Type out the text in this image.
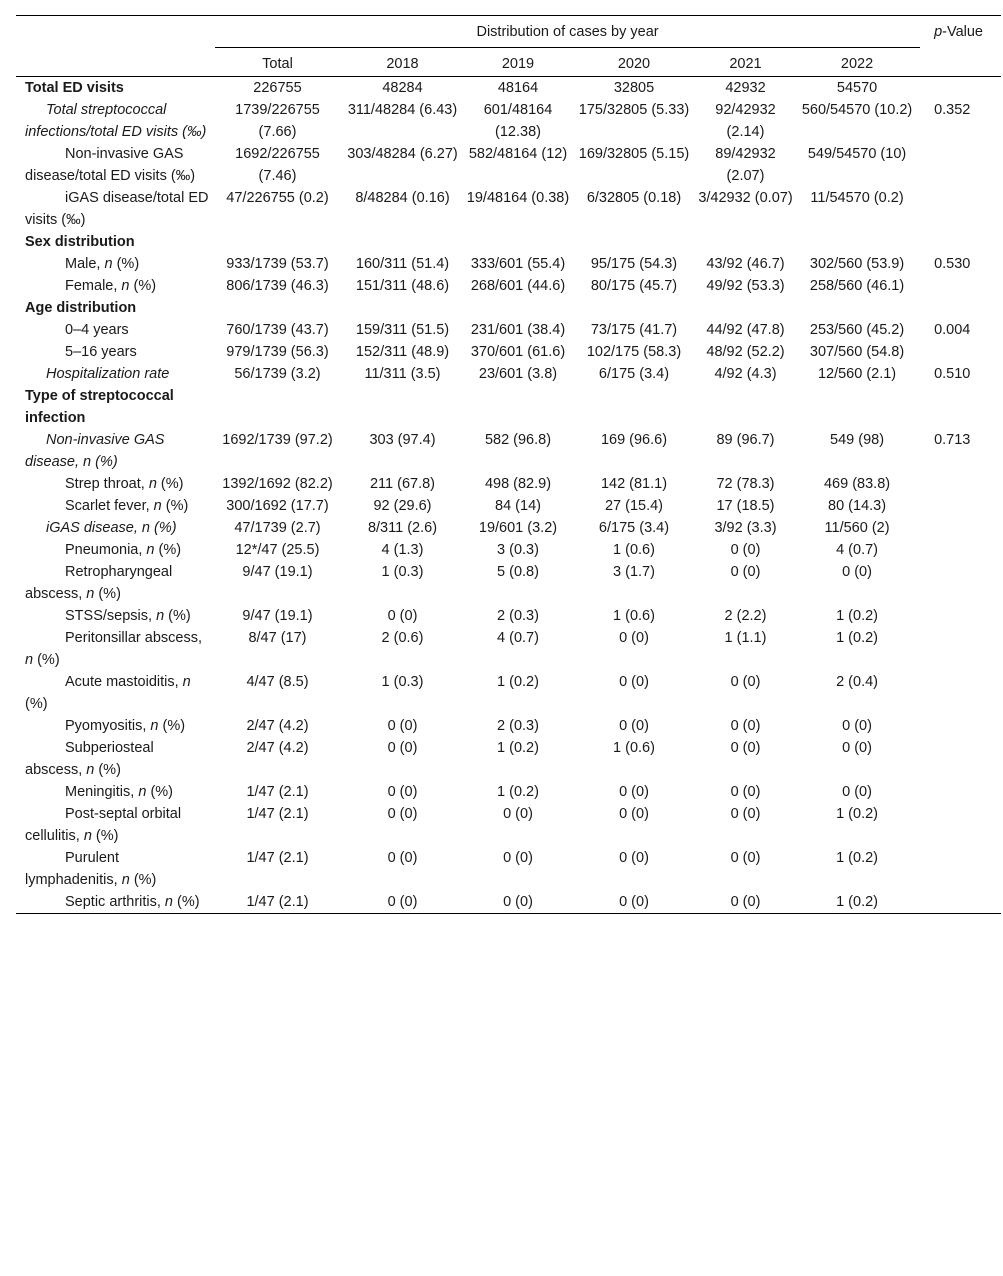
	Distribution of cases by year						p-Value
	Total	2018	2019	2020	2021	2022	
Total ED visits	226755	48284	48164	32805	42932	54570	
Total streptococcal infections/total ED visits (‰)	1739/226755 (7.66)	311/48284 (6.43)	601/48164 (12.38)	175/32805 (5.33)	92/42932 (2.14)	560/54570 (10.2)	0.352
Non-invasive GAS disease/total ED visits (‰)	1692/226755 (7.46)	303/48284 (6.27)	582/48164 (12)	169/32805 (5.15)	89/42932 (2.07)	549/54570 (10)	
iGAS disease/total ED visits (‰)	47/226755 (0.2)	8/48284 (0.16)	19/48164 (0.38)	6/32805 (0.18)	3/42932 (0.07)	11/54570 (0.2)	
Sex distribution							
Male, n (%)	933/1739 (53.7)	160/311 (51.4)	333/601 (55.4)	95/175 (54.3)	43/92 (46.7)	302/560 (53.9)	0.530
Female, n (%)	806/1739 (46.3)	151/311 (48.6)	268/601 (44.6)	80/175 (45.7)	49/92 (53.3)	258/560 (46.1)	
Age distribution							
0–4 years	760/1739 (43.7)	159/311 (51.5)	231/601 (38.4)	73/175 (41.7)	44/92 (47.8)	253/560 (45.2)	0.004
5–16 years	979/1739 (56.3)	152/311 (48.9)	370/601 (61.6)	102/175 (58.3)	48/92 (52.2)	307/560 (54.8)	
Hospitalization rate	56/1739 (3.2)	11/311 (3.5)	23/601 (3.8)	6/175 (3.4)	4/92 (4.3)	12/560 (2.1)	0.510
Type of streptococcal infection							
Non-invasive GAS disease, n (%)	1692/1739 (97.2)	303 (97.4)	582 (96.8)	169 (96.6)	89 (96.7)	549 (98)	0.713
Strep throat, n (%)	1392/1692 (82.2)	211 (67.8)	498 (82.9)	142 (81.1)	72 (78.3)	469 (83.8)	
Scarlet fever, n (%)	300/1692 (17.7)	92 (29.6)	84 (14)	27 (15.4)	17 (18.5)	80 (14.3)	
iGAS disease, n (%)	47/1739 (2.7)	8/311 (2.6)	19/601 (3.2)	6/175 (3.4)	3/92 (3.3)	11/560 (2)	
Pneumonia, n (%)	12*/47 (25.5)	4 (1.3)	3 (0.3)	1 (0.6)	0 (0)	4 (0.7)	
Retropharyngeal abscess, n (%)	9/47 (19.1)	1 (0.3)	5 (0.8)	3 (1.7)	0 (0)	0 (0)	
STSS/sepsis, n (%)	9/47 (19.1)	0 (0)	2 (0.3)	1 (0.6)	2 (2.2)	1 (0.2)	
Peritonsillar abscess, n (%)	8/47 (17)	2 (0.6)	4 (0.7)	0 (0)	1 (1.1)	1 (0.2)	
Acute mastoiditis, n (%)	4/47 (8.5)	1 (0.3)	1 (0.2)	0 (0)	0 (0)	2 (0.4)	
Pyomyositis, n (%)	2/47 (4.2)	0 (0)	2 (0.3)	0 (0)	0 (0)	0 (0)	
Subperiosteal abscess, n (%)	2/47 (4.2)	0 (0)	1 (0.2)	1 (0.6)	0 (0)	0 (0)	
Meningitis, n (%)	1/47 (2.1)	0 (0)	1 (0.2)	0 (0)	0 (0)	0 (0)	
Post-septal orbital cellulitis, n (%)	1/47 (2.1)	0 (0)	0 (0)	0 (0)	0 (0)	1 (0.2)	
Purulent lymphadenitis, n (%)	1/47 (2.1)	0 (0)	0 (0)	0 (0)	0 (0)	1 (0.2)	
Septic arthritis, n (%)	1/47 (2.1)	0 (0)	0 (0)	0 (0)	0 (0)	1 (0.2)	
